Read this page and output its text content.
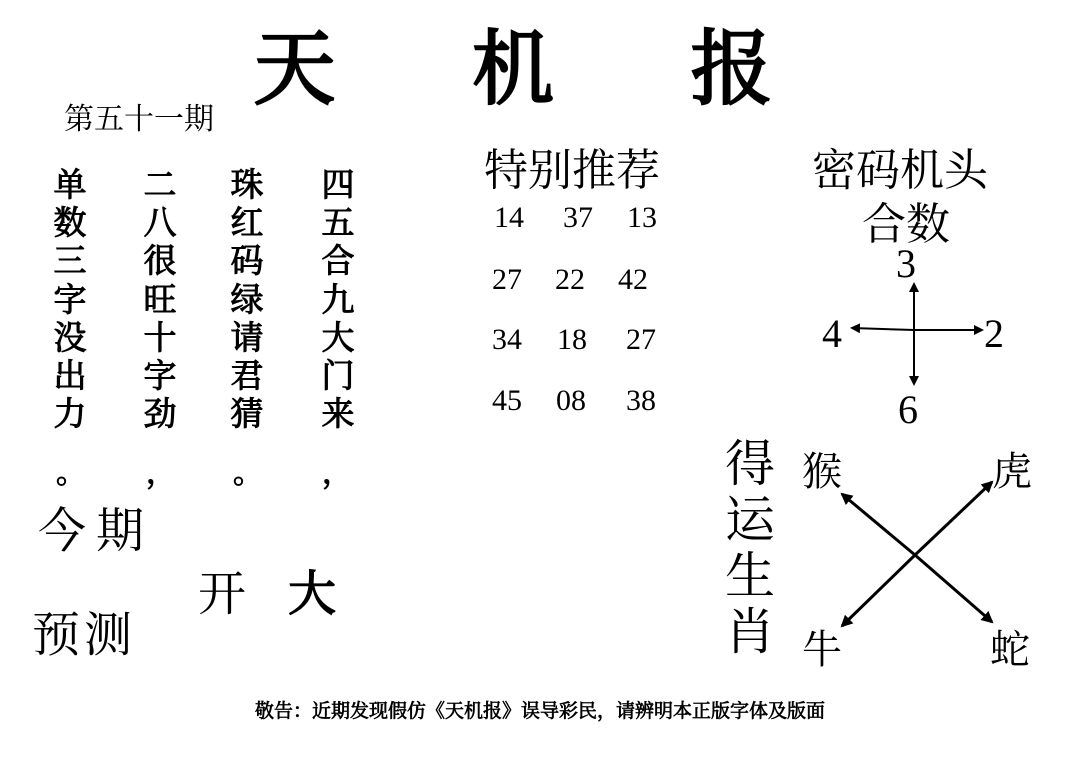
天 机 报
第五十一期
单
数
三
字
没
出
力
二
八
很
旺
十
字
劲
珠
红
码
绿
请
君
猜
四
五
合
九
大
门
来
。 ， 。 ，
今期
开 大
预测
特别推荐
14 37 13
27 22 42
34 18 27
45 08 38
密码机头
合数
3
4	2
6
得
运
生
肖
猴	虎
牛	蛇
敬告：近期发现假仿《天机报》误导彩民，请辨明本正版字体及版面
